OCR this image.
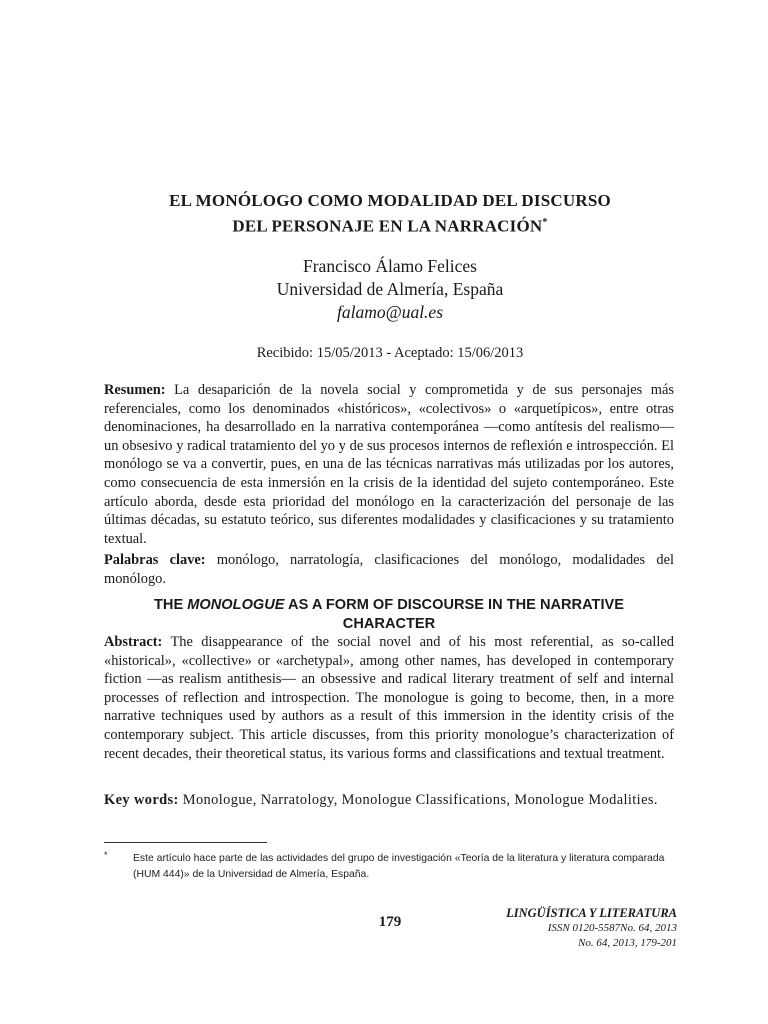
EL MONÓLOGO COMO MODALIDAD DEL DISCURSO
DEL PERSONAJE EN LA NARRACIÓN*
Francisco Álamo Felices
Universidad de Almería, España
falamo@ual.es
Recibido: 15/05/2013 - Aceptado: 15/06/2013
Resumen: La desaparición de la novela social y comprometida y de sus personajes más referenciales, como los denominados «históricos», «colectivos» o «arquetípicos», entre otras denominaciones, ha desarrollado en la narrativa contemporánea —como antítesis del realismo— un obsesivo y radical tratamiento del yo y de sus procesos internos de reflexión e introspección. El monólogo se va a convertir, pues, en una de las técnicas narrativas más utilizadas por los autores, como consecuencia de esta inmersión en la crisis de la identidad del sujeto contemporáneo. Este artículo aborda, desde esta prioridad del monólogo en la caracterización del personaje de las últimas décadas, su estatuto teórico, sus diferentes modalidades y clasificaciones y su tratamiento textual.
Palabras clave: monólogo, narratología, clasificaciones del monólogo, modalidades del monólogo.
THE MONOLOGUE AS A FORM OF DISCOURSE IN THE NARRATIVE
CHARACTER
Abstract: The disappearance of the social novel and of his most referential, as so-called «historical», «collective» or «archetypal», among other names, has developed in contemporary fiction —as realism antithesis— an obsessive and radical literary treatment of self and internal processes of reflection and introspection. The monologue is going to become, then, in a more narrative techniques used by authors as a result of this immersion in the identity crisis of the contemporary subject. This article discusses, from this priority monologue’s characterization of recent decades, their theoretical status, its various forms and classifications and textual treatment.
Key words: Monologue, Narratology, Monologue Classifications, Monologue Modalities.
* Este artículo hace parte de las actividades del grupo de investigación «Teoría de la literatura y literatura comparada (HUM 444)» de la Universidad de Almería, España.
179
LINGÜÍSTICA Y LITERATURA
ISSN 0120-5587No. 64, 2013
No. 64, 2013, 179-201
